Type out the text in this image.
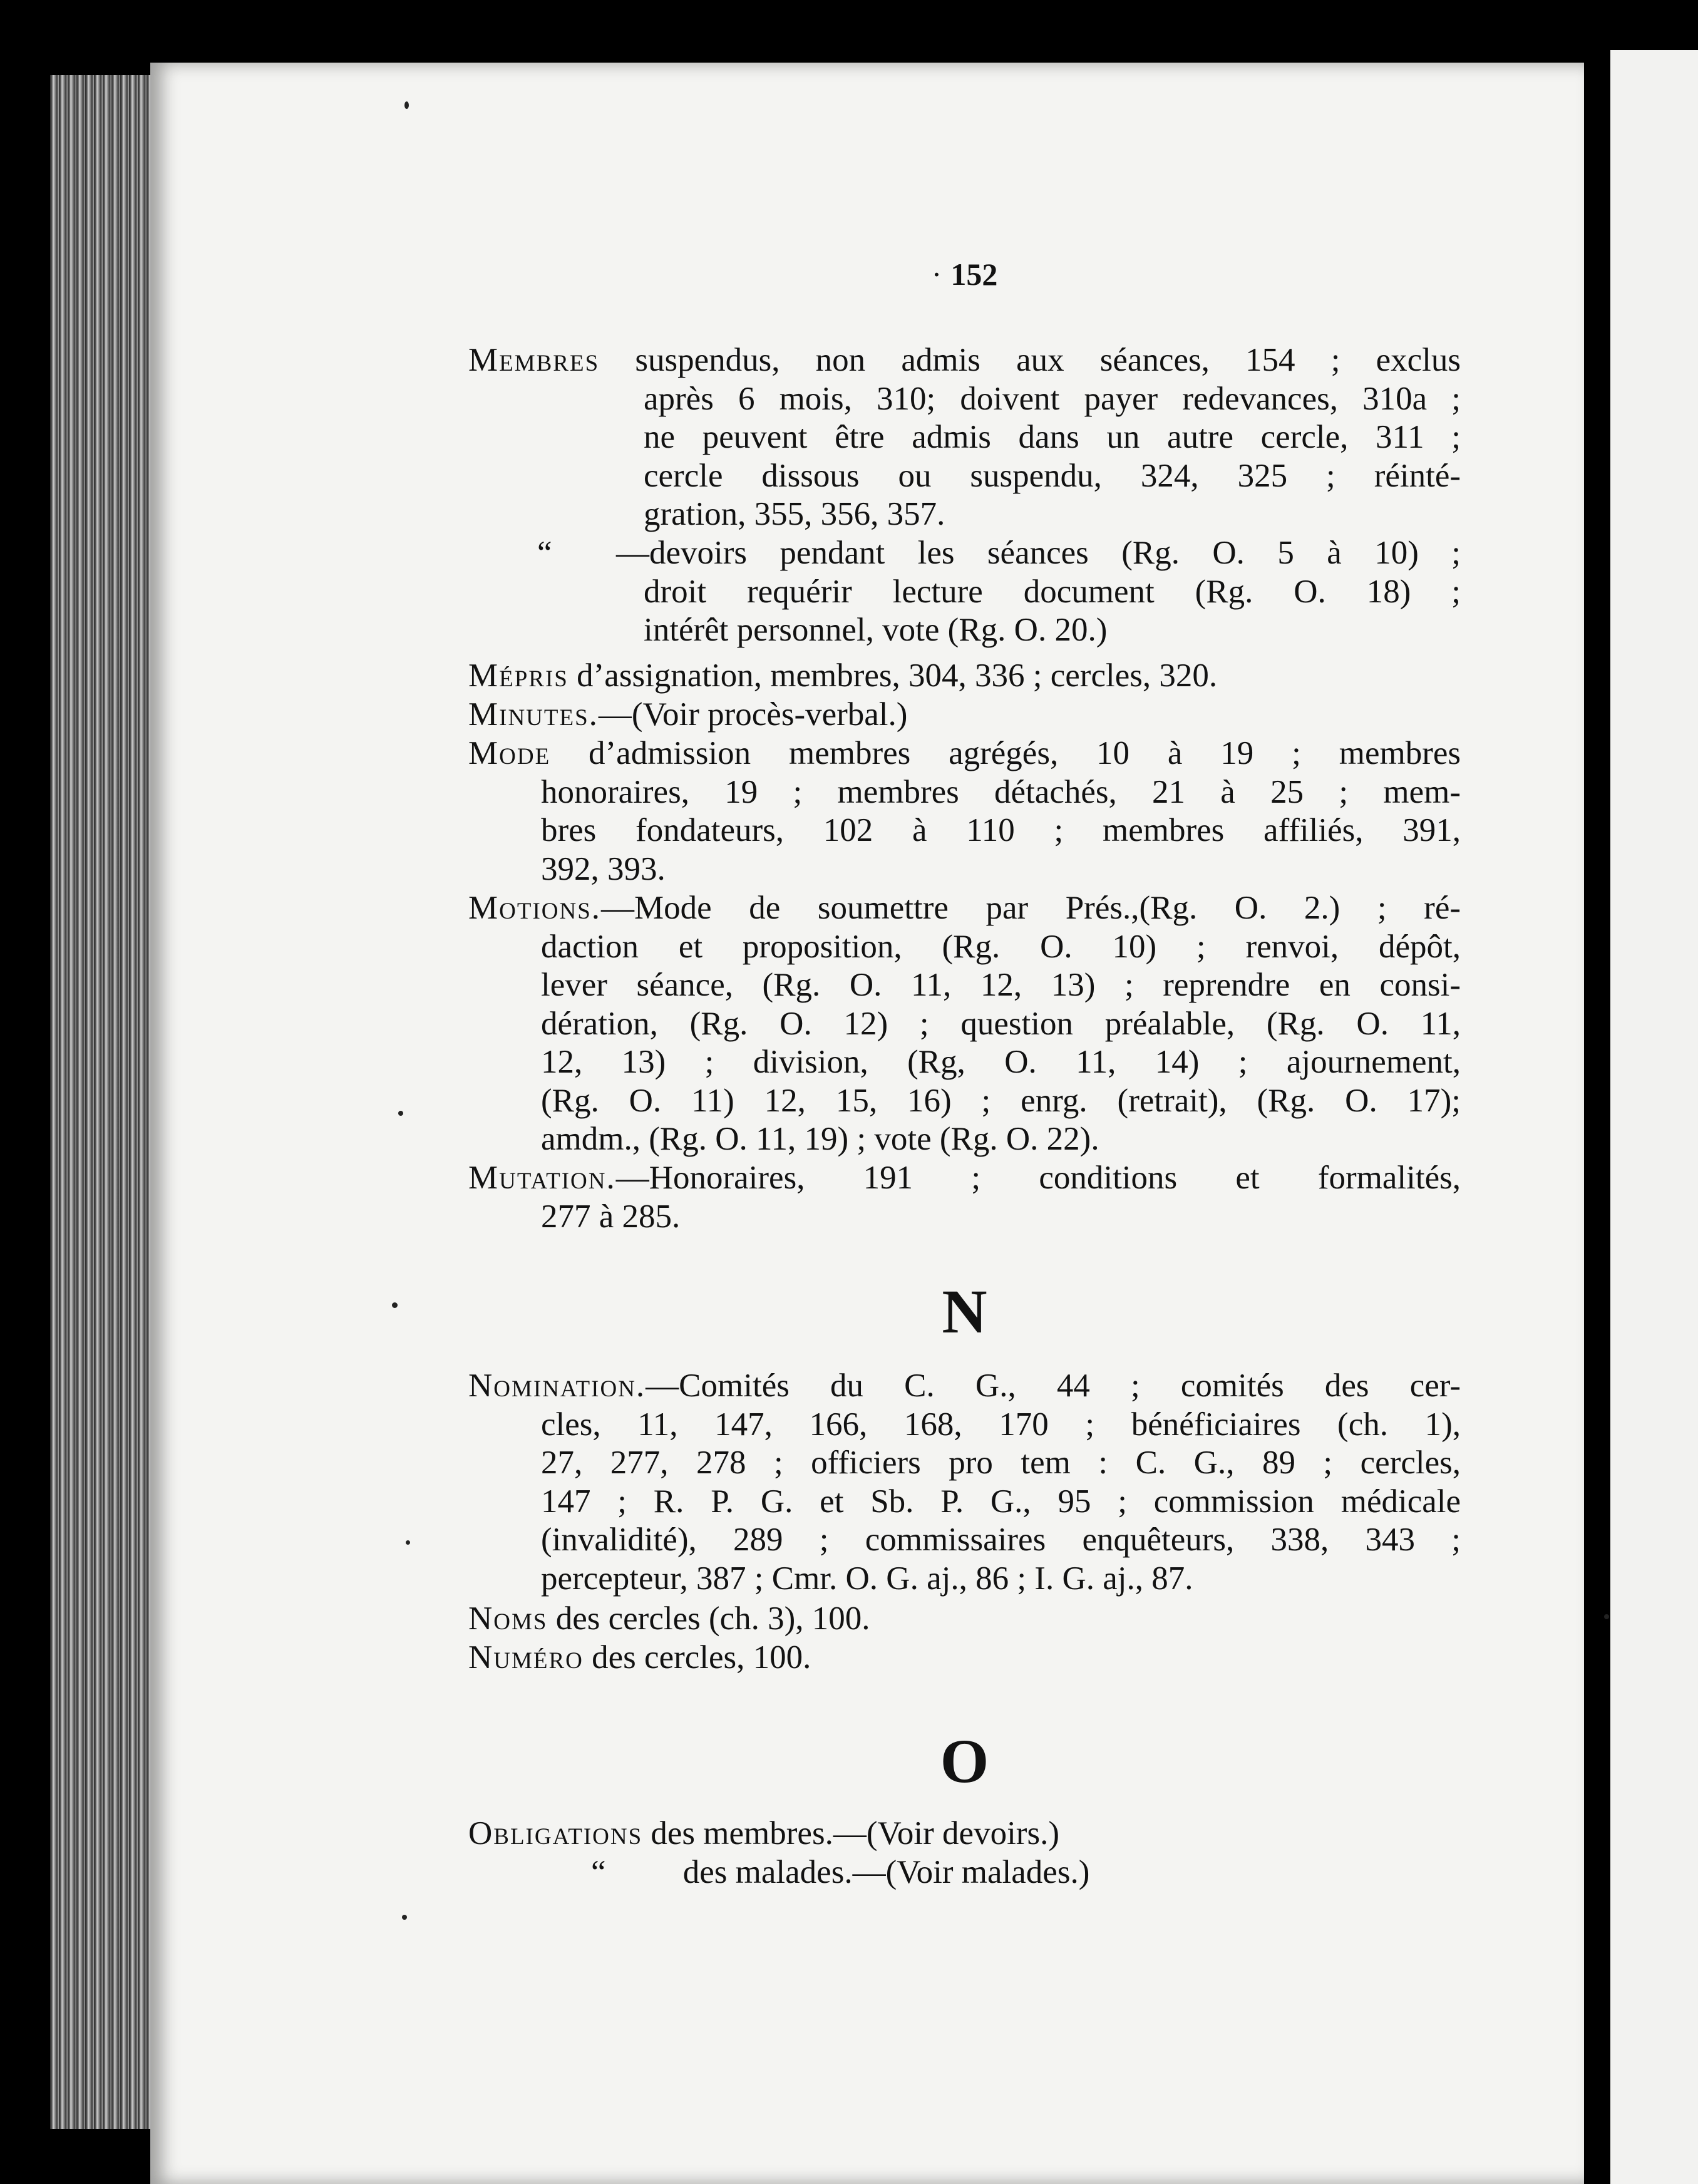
· 152
Membres suspendus, non admis aux séances, 154 ; exclus
après 6 mois, 310; doivent payer redevances, 310a ;
ne peuvent être admis dans un autre cercle, 311 ;
cercle dissous ou suspendu, 324, 325 ; réinté-
gration, 355, 356, 357.
“ —devoirs pendant les séances (Rg. O. 5 à 10) ;
droit requérir lecture document (Rg. O. 18) ;
intérêt personnel, vote (Rg. O. 20.)
Mépris d’assignation, membres, 304, 336 ; cercles, 320.
Minutes.—(Voir procès-verbal.)
Mode d’admission membres agrégés, 10 à 19 ; membres
honoraires, 19 ; membres détachés, 21 à 25 ; mem-
bres fondateurs, 102 à 110 ; membres affiliés, 391,
392, 393.
Motions.—Mode de soumettre par Prés.,(Rg. O. 2.) ; ré-
daction et proposition, (Rg. O. 10) ; renvoi, dépôt,
lever séance, (Rg. O. 11, 12, 13) ; reprendre en consi-
dération, (Rg. O. 12) ; question préalable, (Rg. O. 11,
12, 13) ; division, (Rg, O. 11, 14) ; ajournement,
(Rg. O. 11) 12, 15, 16) ; enrg. (retrait), (Rg. O. 17);
amdm., (Rg. O. 11, 19) ; vote (Rg. O. 22).
Mutation.—Honoraires, 191 ; conditions et formalités,
277 à 285.
N
Nomination.—Comités du C. G., 44 ; comités des cer-
cles, 11, 147, 166, 168, 170 ; bénéficiaires (ch. 1),
27, 277, 278 ; officiers pro tem : C. G., 89 ; cercles,
147 ; R. P. G. et Sb. P. G., 95 ; commission médicale
(invalidité), 289 ; commissaires enquêteurs, 338, 343 ;
percepteur, 387 ; Cmr. O. G. aj., 86 ; I. G. aj., 87.
Noms des cercles (ch. 3), 100.
Numéro des cercles, 100.
O
Obligations des membres.—(Voir devoirs.)
“ des malades.—(Voir malades.)
